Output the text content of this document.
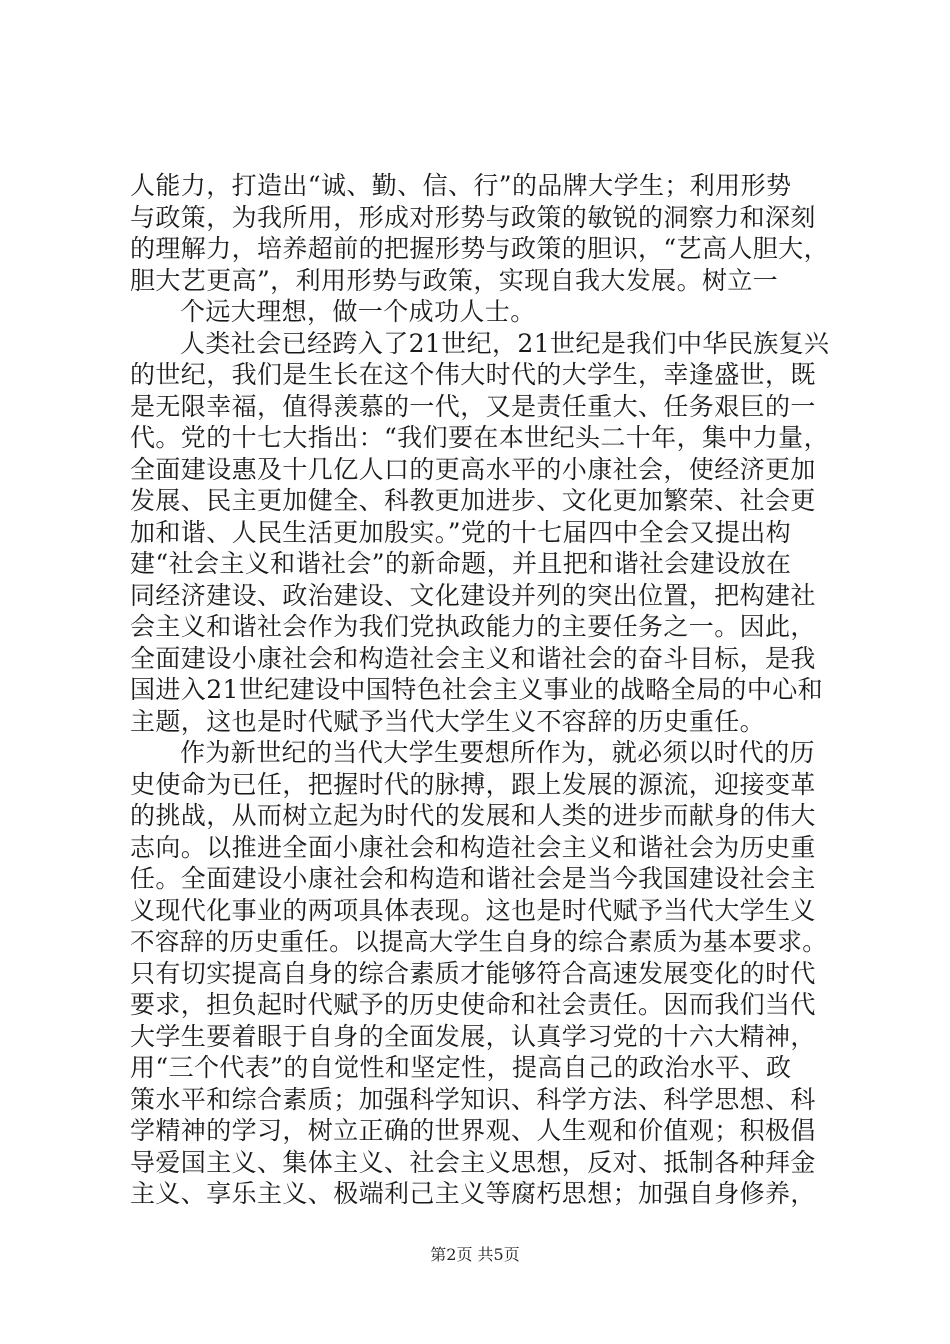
人能力，打造出“诚、勤、信、行”的品牌大学生；利用形势
与政策，为我所用，形成对形势与政策的敏锐的洞察力和深刻
的理解力，培养超前的把握形势与政策的胆识，“艺高人胆大，
胆大艺更高”，利用形势与政策，实现自我大发展。树立一
个远大理想，做一个成功人士。
人类社会已经跨入了21世纪，21世纪是我们中华民族复兴
的世纪，我们是生长在这个伟大时代的大学生，幸逢盛世，既
是无限幸福，值得羡慕的一代，又是责任重大、任务艰巨的一
代。党的十七大指出：“我们要在本世纪头二十年，集中力量，
全面建设惠及十几亿人口的更高水平的小康社会，使经济更加
发展、民主更加健全、科教更加进步、文化更加繁荣、社会更
加和谐、人民生活更加殷实。”党的十七届四中全会又提出构
建“社会主义和谐社会”的新命题，并且把和谐社会建设放在
同经济建设、政治建设、文化建设并列的突出位置，把构建社
会主义和谐社会作为我们党执政能力的主要任务之一。因此，
全面建设小康社会和构造社会主义和谐社会的奋斗目标，是我
国进入21世纪建设中国特色社会主义事业的战略全局的中心和
主题，这也是时代赋予当代大学生义不容辞的历史重任。
作为新世纪的当代大学生要想所作为，就必须以时代的历
史使命为已任，把握时代的脉搏，跟上发展的源流，迎接变革
的挑战，从而树立起为时代的发展和人类的进步而献身的伟大
志向。以推进全面小康社会和构造社会主义和谐社会为历史重
任。全面建设小康社会和构造和谐社会是当今我国建设社会主
义现代化事业的两项具体表现。这也是时代赋予当代大学生义
不容辞的历史重任。以提高大学生自身的综合素质为基本要求。
只有切实提高自身的综合素质才能够符合高速发展变化的时代
要求，担负起时代赋予的历史使命和社会责任。因而我们当代
大学生要着眼于自身的全面发展，认真学习党的十六大精神，
用“三个代表”的自觉性和坚定性，提高自己的政治水平、政
策水平和综合素质；加强科学知识、科学方法、科学思想、科
学精神的学习，树立正确的世界观、人生观和价值观；积极倡
导爱国主义、集体主义、社会主义思想，反对、抵制各种拜金
主义、享乐主义、极端利己主义等腐朽思想；加强自身修养，
第2页 共5页
